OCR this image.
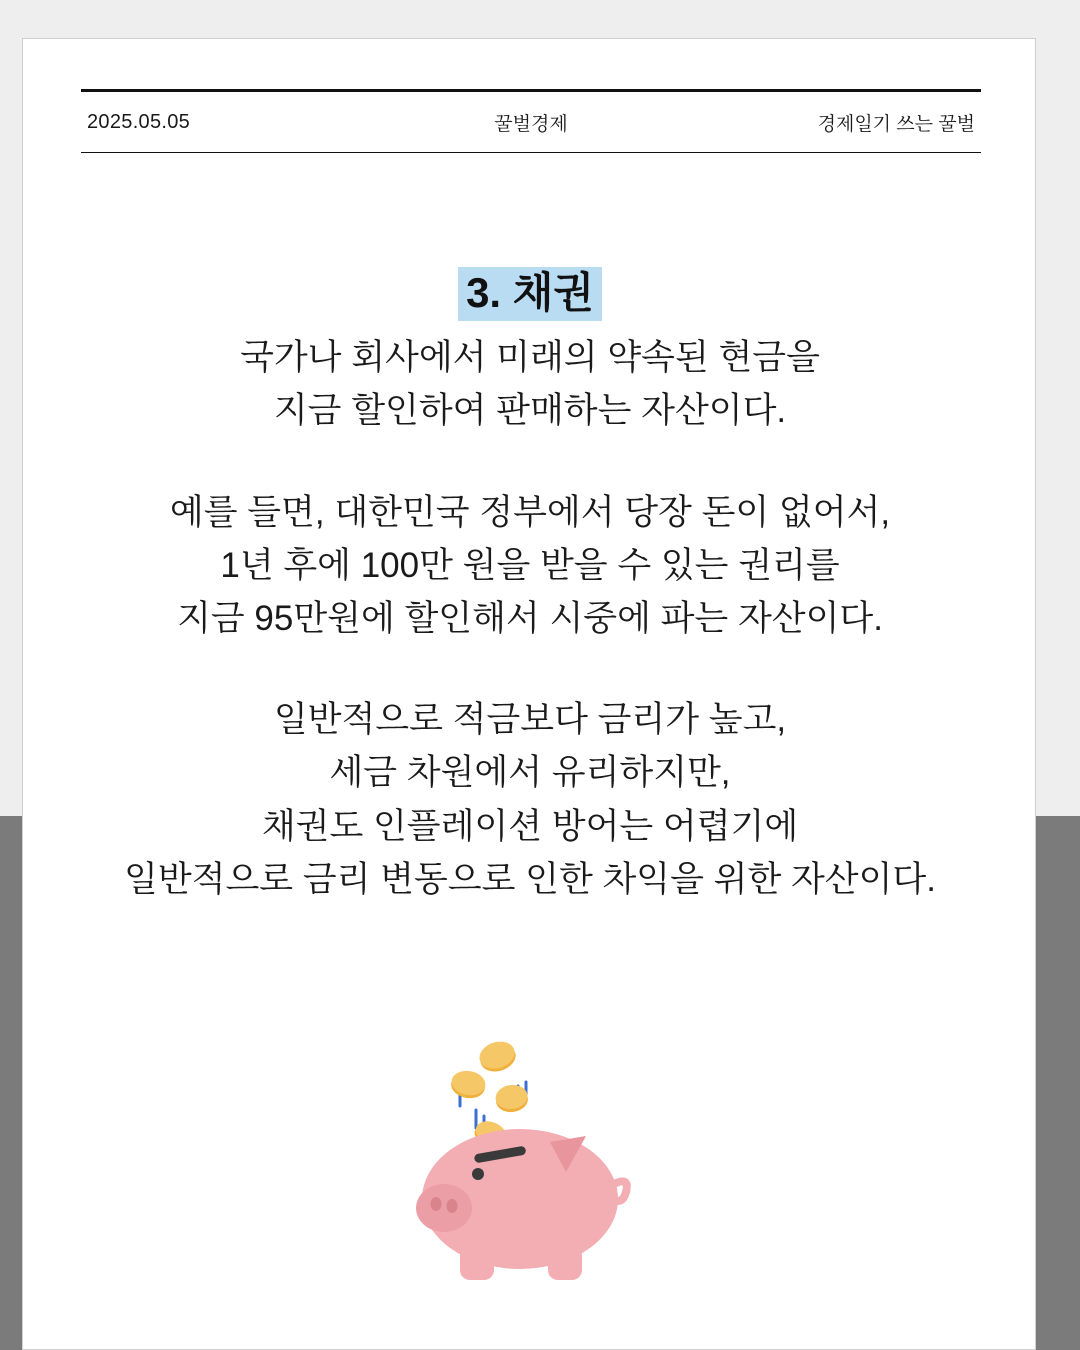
2025.05.05	꿀벌경제	경제일기 쓰는 꿀벌
3. 채권
국가나 회사에서 미래의 약속된 현금을
지금 할인하여 판매하는 자산이다.
예를 들면, 대한민국 정부에서 당장 돈이 없어서,
1년 후에 100만 원을 받을 수 있는 권리를
지금 95만원에 할인해서 시중에 파는 자산이다.
일반적으로 적금보다 금리가 높고,
세금 차원에서 유리하지만,
채권도 인플레이션 방어는 어렵기에
일반적으로 금리 변동으로 인한 차익을 위한 자산이다.
